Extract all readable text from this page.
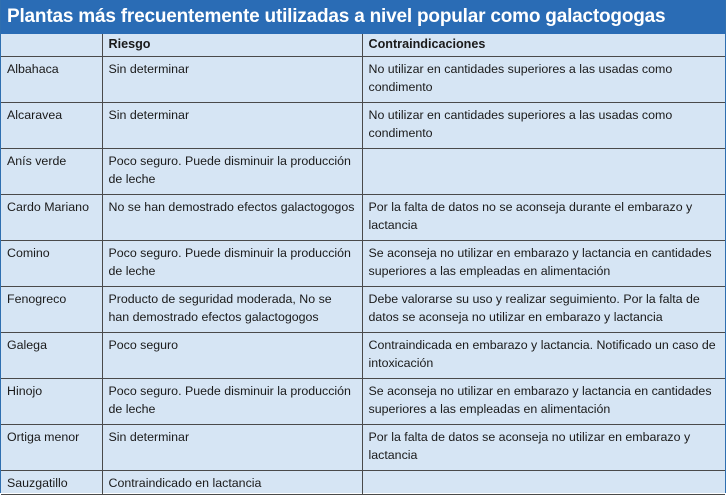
Plantas más frecuentemente utilizadas a nivel popular como galactogogas
	Riesgo	Contraindicaciones
Albahaca	Sin determinar	No utilizar en cantidades superiores a las usadas como condimento
Alcaravea	Sin determinar	No utilizar en cantidades superiores a las usadas como condimento
Anís verde	Poco seguro. Puede disminuir la producción de leche	
Cardo Mariano	No se han demostrado efectos galactogogos	Por la falta de datos no se aconseja durante el embarazo y lactancia
Comino	Poco seguro. Puede disminuir la producción de leche	Se aconseja no utilizar en embarazo y lactancia en cantidades superiores a las empleadas en alimentación
Fenogreco	Producto de seguridad moderada, No se han demostrado efectos galactogogos	Debe valorarse su uso y realizar seguimiento. Por la falta de datos se aconseja no utilizar en embarazo y lactancia
Galega	Poco seguro	Contraindicada en embarazo y lactancia. Notificado un caso de intoxicación
Hinojo	Poco seguro. Puede disminuir la producción de leche	Se aconseja no utilizar en embarazo y lactancia en cantidades superiores a las empleadas en alimentación
Ortiga menor	Sin determinar	Por la falta de datos se aconseja no utilizar en embarazo y lactancia
Sauzgatillo	Contraindicado en lactancia	
